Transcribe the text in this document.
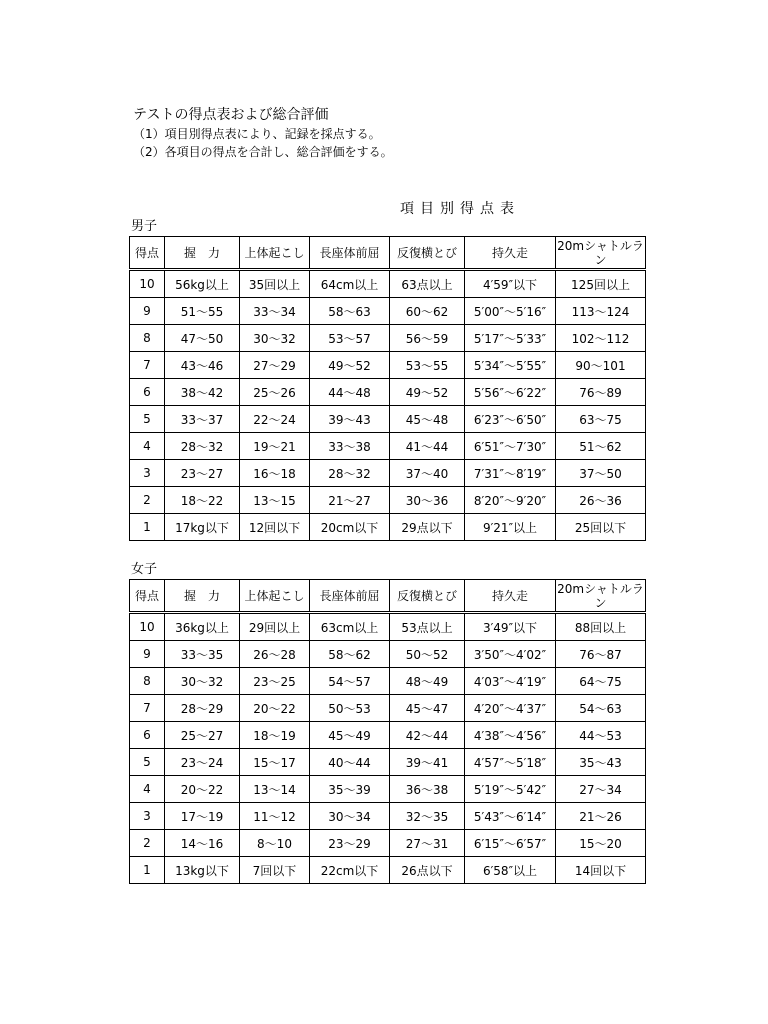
テストの得点表および総合評価
（1）項目別得点表により、記録を採点する。
（2）各項目の得点を合計し、総合評価をする。
項目別得点表
男子
得点	握　力	上体起こし	長座体前屈	反復横とび	持久走	20mシャトルラン
10	56kg以上	35回以上	64cm以上	63点以上	4′59″以下	125回以上
9	51〜55	33〜34	58〜63	60〜62	5′00″〜5′16″	113〜124
8	47〜50	30〜32	53〜57	56〜59	5′17″〜5′33″	102〜112
7	43〜46	27〜29	49〜52	53〜55	5′34″〜5′55″	90〜101
6	38〜42	25〜26	44〜48	49〜52	5′56″〜6′22″	76〜89
5	33〜37	22〜24	39〜43	45〜48	6′23″〜6′50″	63〜75
4	28〜32	19〜21	33〜38	41〜44	6′51″〜7′30″	51〜62
3	23〜27	16〜18	28〜32	37〜40	7′31″〜8′19″	37〜50
2	18〜22	13〜15	21〜27	30〜36	8′20″〜9′20″	26〜36
1	17kg以下	12回以下	20cm以下	29点以下	9′21″以上	25回以下
女子
得点	握　力	上体起こし	長座体前屈	反復横とび	持久走	20mシャトルラン
10	36kg以上	29回以上	63cm以上	53点以上	3′49″以下	88回以上
9	33〜35	26〜28	58〜62	50〜52	3′50″〜4′02″	76〜87
8	30〜32	23〜25	54〜57	48〜49	4′03″〜4′19″	64〜75
7	28〜29	20〜22	50〜53	45〜47	4′20″〜4′37″	54〜63
6	25〜27	18〜19	45〜49	42〜44	4′38″〜4′56″	44〜53
5	23〜24	15〜17	40〜44	39〜41	4′57″〜5′18″	35〜43
4	20〜22	13〜14	35〜39	36〜38	5′19″〜5′42″	27〜34
3	17〜19	11〜12	30〜34	32〜35	5′43″〜6′14″	21〜26
2	14〜16	8〜10	23〜29	27〜31	6′15″〜6′57″	15〜20
1	13kg以下	7回以下	22cm以下	26点以下	6′58″以上	14回以下
